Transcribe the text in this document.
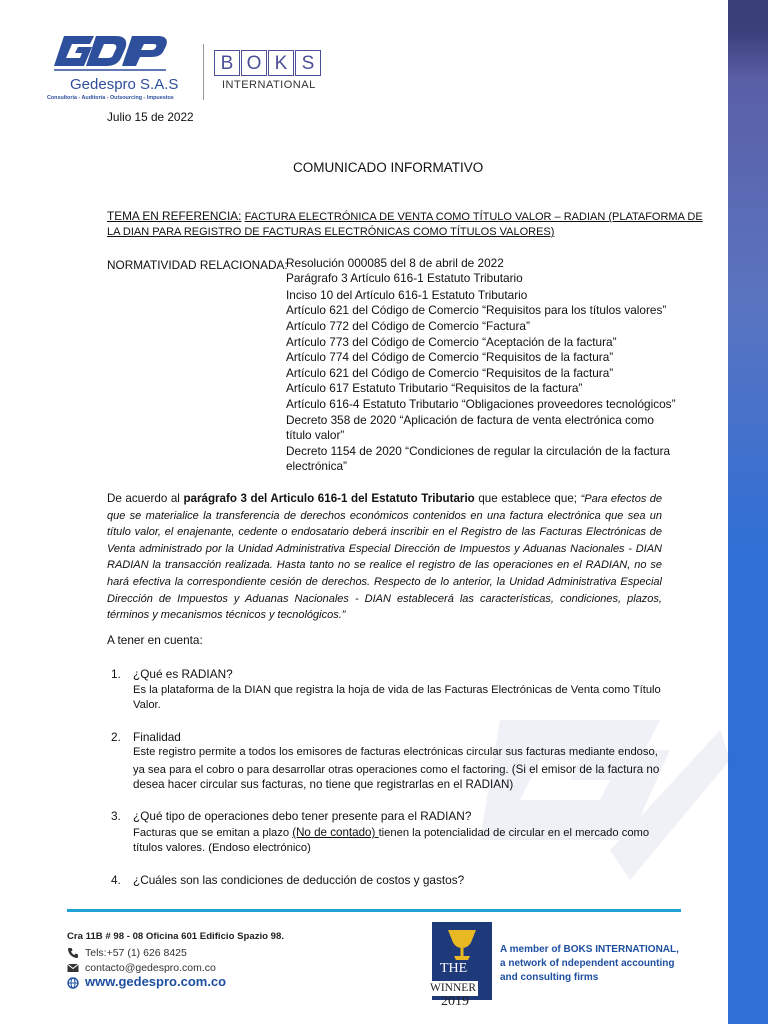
Gedespro S.A.S
Consultoría - Auditoría - Outsourcing - Impuestos
B O K S
INTERNATIONAL
Julio 15 de 2022
COMUNICADO INFORMATIVO
TEMA EN REFERENCIA: FACTURA ELECTRÓNICA DE VENTA COMO TÍTULO VALOR – RADIAN (PLATAFORMA DE
LA DIAN PARA REGISTRO DE FACTURAS ELECTRÓNICAS COMO TÍTULOS VALORES)
NORMATIVIDAD RELACIONADA:
Resolución 000085 del 8 de abril de 2022
Parágrafo 3 Artículo 616-1 Estatuto Tributario
Inciso 10 del Artículo 616-1 Estatuto Tributario
Artículo 621 del Código de Comercio “Requisitos para los títulos valores”
Artículo 772 del Código de Comercio “Factura”
Artículo 773 del Código de Comercio “Aceptación de la factura”
Artículo 774 del Código de Comercio “Requisitos de la factura”
Artículo 621 del Código de Comercio “Requisitos de la factura”
Artículo 617 Estatuto Tributario “Requisitos de la factura”
Artículo 616-4 Estatuto Tributario “Obligaciones proveedores tecnológicos”
Decreto 358 de 2020 “Aplicación de factura de venta electrónica como
título valor”
Decreto 1154 de 2020 “Condiciones de regular la circulación de la factura
electrónica”
De acuerdo al parágrafo 3 del Articulo 616-1 del Estatuto Tributario que establece que; “Para efectos de que se materialice la transferencia de derechos económicos contenidos en una factura electrónica que sea un título valor, el enajenante, cedente o endosatario deberá inscribir en el Registro de las Facturas Electrónicas de Venta administrado por la Unidad Administrativa Especial Dirección de Impuestos y Aduanas Nacionales - DIAN RADIAN la transacción realizada. Hasta tanto no se realice el registro de las operaciones en el RADIAN, no se hará efectiva la correspondiente cesión de derechos. Respecto de lo anterior, la Unidad Administrativa Especial Dirección de Impuestos y Aduanas Nacionales - DIAN establecerá las características, condiciones, plazos, términos y mecanismos técnicos y tecnológicos.”
A tener en cuenta:
1. ¿Qué es RADIAN?
Es la plataforma de la DIAN que registra la hoja de vida de las Facturas Electrónicas de Venta como Título
Valor.
2. Finalidad
Este registro permite a todos los emisores de facturas electrónicas circular sus facturas mediante endoso,
ya sea para el cobro o para desarrollar otras operaciones como el factoring. (Si el emisor de la factura no
desea hacer circular sus facturas, no tiene que registrarlas en el RADIAN)
3. ¿Qué tipo de operaciones debo tener presente para el RADIAN?
Facturas que se emitan a plazo (No de contado) tienen la potencialidad de circular en el mercado como
títulos valores. (Endoso electrónico)
4. ¿Cuáles son las condiciones de deducción de costos y gastos?
Cra 11B # 98 - 08 Oficina 601 Edificio Spazio 98.
Tels:+57 (1) 626 8425
contacto@gedespro.com.co
www.gedespro.com.co
THE
WINNER
2019
A member of BOKS INTERNATIONAL,
a network of ndependent accounting
and consulting firms
